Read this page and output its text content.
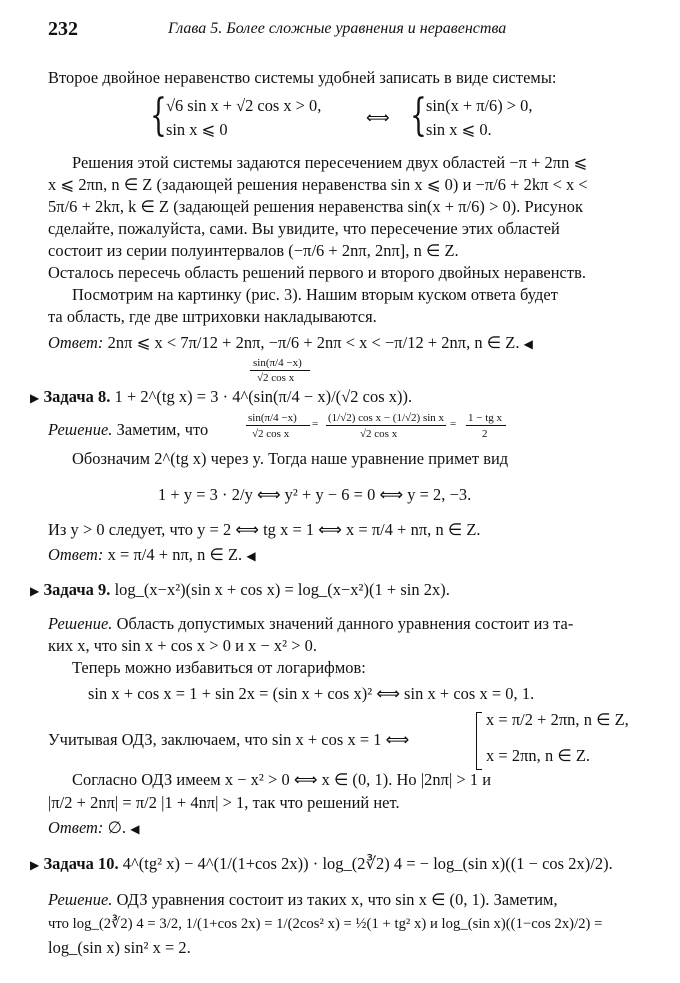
232	Глава 5. Более сложные уравнения и неравенства
Второе двойное неравенство системы удобней записать в виде системы:
{ √6 sin x + √2 cos x > 0,
sin x ⩽ 0
⟺ { sin(x + π/6) > 0,
sin x ⩽ 0.
Решения этой системы задаются пересечением двух областей −π + 2πn ⩽
x ⩽ 2πn, n ∈ Z (задающей решения неравенства sin x ⩽ 0) и −π/6 + 2kπ < x <
5π/6 + 2kπ, k ∈ Z (задающей решения неравенства sin(x + π/6) > 0). Рисунок
сделайте, пожалуйста, сами. Вы увидите, что пересечение этих областей
состоит из серии полуинтервалов (−π/6 + 2nπ, 2nπ], n ∈ Z.
Осталось пересечь область решений первого и второго двойных неравенств.
Посмотрим на картинку (рис. 3). Нашим вторым куском ответа будет
та область, где две штриховки накладываются.
Ответ: 2nπ ⩽ x < 7π/12 + 2nπ, −π/6 + 2nπ < x < −π/12 + 2nπ, n ∈ Z. ◀
sin(π/4 −x)
√2 cos x
▶ Задача 8. 1 + 2^(tg x) = 3 · 4^(sin(π/4 − x)/(√2 cos x)).
Решение. Заметим, что
sin(π/4 −x)
√2 cos x
= (1/√2) cos x − (1/√2) sin x
√2 cos x
= 1 − tg x
2
Обозначим 2^(tg x) через y. Тогда наше уравнение примет вид
1 + y = 3 · 2/y ⟺ y² + y − 6 = 0 ⟺ y = 2, −3.
Из y > 0 следует, что y = 2 ⟺ tg x = 1 ⟺ x = π/4 + nπ, n ∈ Z.
Ответ: x = π/4 + nπ, n ∈ Z. ◀
▶ Задача 9. log_(x−x²)(sin x + cos x) = log_(x−x²)(1 + sin 2x).
Решение. Область допустимых значений данного уравнения состоит из та-
ких x, что sin x + cos x > 0 и x − x² > 0.
Теперь можно избавиться от логарифмов:
sin x + cos x = 1 + sin 2x = (sin x + cos x)² ⟺ sin x + cos x = 0, 1.
Учитывая ОДЗ, заключаем, что sin x + cos x = 1 ⟺
x = π/2 + 2πn, n ∈ Z,
x = 2πn, n ∈ Z.
Согласно ОДЗ имеем x − x² > 0 ⟺ x ∈ (0, 1). Но |2nπ| > 1 и
|π/2 + 2nπ| = π/2 |1 + 4nπ| > 1, так что решений нет.
Ответ: ∅. ◀
▶ Задача 10. 4^(tg² x) − 4^(1/(1+cos 2x)) · log_(2∛2) 4 = − log_(sin x)((1 − cos 2x)/2).
Решение. ОДЗ уравнения состоит из таких x, что sin x ∈ (0, 1). Заметим,
что log_(2∛2) 4 = 3/2, 1/(1+cos 2x) = 1/(2cos² x) = ½(1 + tg² x) и log_(sin x)((1−cos 2x)/2) =
log_(sin x) sin² x = 2.
